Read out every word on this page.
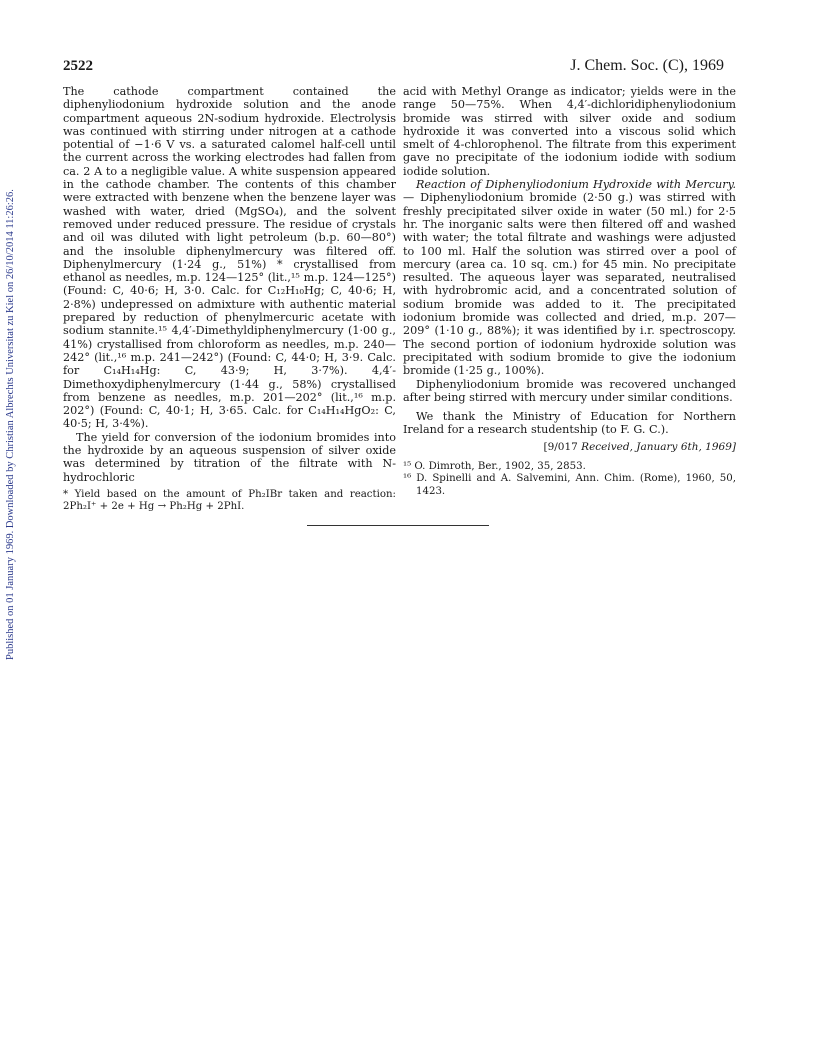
Published on 01 January 1969. Downloaded by Christian Albrechts Universitat zu Kiel on 26/10/2014 11:26:26.
2522	J. Chem. Soc. (C), 1969

The cathode compartment contained the diphenyliodonium hydroxide solution and the anode compartment aqueous 2N-sodium hydroxide. Electrolysis was continued with stirring under nitrogen at a cathode potential of −1·6 V vs. a saturated calomel half-cell until the current across the working electrodes had fallen from ca. 2 A to a negligible value. A white suspension appeared in the cathode chamber. The contents of this chamber were extracted with benzene when the benzene layer was washed with water, dried (MgSO₄), and the solvent removed under reduced pressure. The residue of crystals and oil was diluted with light petroleum (b.p. 60—80°) and the insoluble diphenylmercury was filtered off. Diphenylmercury (1·24 g., 51%) * crystallised from ethanol as needles, m.p. 124—125° (lit.,¹⁵ m.p. 124—125°) (Found: C, 40·6; H, 3·0. Calc. for C₁₂H₁₀Hg; C, 40·6; H, 2·8%) undepressed on admixture with authentic material prepared by reduction of phenylmercuric acetate with sodium stannite.¹⁵ 4,4′-Dimethyldiphenylmercury (1·00 g., 41%) crystallised from chloroform as needles, m.p. 240—242° (lit.,¹⁶ m.p. 241—242°) (Found: C, 44·0; H, 3·9. Calc. for C₁₄H₁₄Hg: C, 43·9; H, 3·7%). 4,4′-Dimethoxydiphenylmercury (1·44 g., 58%) crystallised from benzene as needles, m.p. 201—202° (lit.,¹⁶ m.p. 202°) (Found: C, 40·1; H, 3·65. Calc. for C₁₄H₁₄HgO₂: C, 40·5; H, 3·4%).

The yield for conversion of the iodonium bromides into the hydroxide by an aqueous suspension of silver oxide was determined by titration of the filtrate with N-hydrochloric

* Yield based on the amount of Ph₂IBr taken and reaction: 2Ph₂I⁺ + 2e + Hg → Ph₂Hg + 2PhI.

acid with Methyl Orange as indicator; yields were in the range 50—75%. When 4,4′-dichloridiphenyliodonium bromide was stirred with silver oxide and sodium hydroxide it was converted into a viscous solid which smelt of 4-chlorophenol. The filtrate from this experiment gave no precipitate of the iodonium iodide with sodium iodide solution.

Reaction of Diphenyliodonium Hydroxide with Mercury.— Diphenyliodonium bromide (2·50 g.) was stirred with freshly precipitated silver oxide in water (50 ml.) for 2·5 hr. The inorganic salts were then filtered off and washed with water; the total filtrate and washings were adjusted to 100 ml. Half the solution was stirred over a pool of mercury (area ca. 10 sq. cm.) for 45 min. No precipitate resulted. The aqueous layer was separated, neutralised with hydrobromic acid, and a concentrated solution of sodium bromide was added to it. The precipitated iodonium bromide was collected and dried, m.p. 207—209° (1·10 g., 88%); it was identified by i.r. spectroscopy. The second portion of iodonium hydroxide solution was precipitated with sodium bromide to give the iodonium bromide (1·25 g., 100%).

Diphenyliodonium bromide was recovered unchanged after being stirred with mercury under similar conditions.

We thank the Ministry of Education for Northern Ireland for a research studentship (to F. G. C.).

[9/017 Received, January 6th, 1969]
¹⁵ O. Dimroth, Ber., 1902, 35, 2853.
¹⁶ D. Spinelli and A. Salvemini, Ann. Chim. (Rome), 1960, 50, 1423.
